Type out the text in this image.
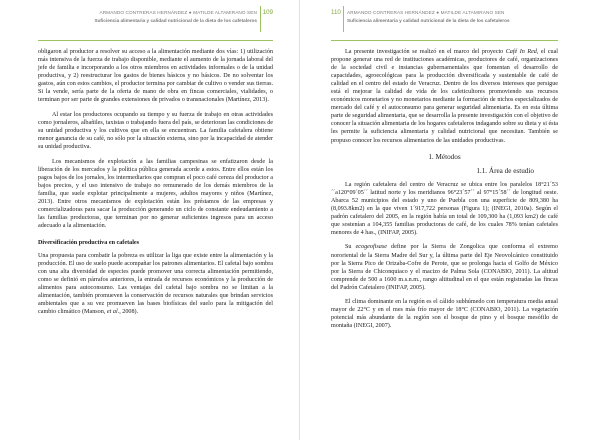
ARMANDO CONTRERAS HERNÁNDEZ ● MATILDE ALTAMIRANO SEN
Suficiencia alimentaria y calidad nutricional de la dieta de los cafetaleros
109

obligaron al productor a resolver su acceso a la alimentación mediante dos vías: 1) utilización más intensiva de la fuerza de trabajo disponible, mediante el aumento de la jornada laboral del jefe de familia e incorporando a los otros miembros en actividades informales o de la unidad productiva, y 2) reestructurar los gastos de bienes básicos y no básicos. De no solventar los gastos, aún con estos cambios, el productor termina por cambiar de cultivo o vender sus tierras. Si la vende, sería parte de la oferta de mano de obra en fincas comerciales, vialidades, o terminan por ser parte de grandes extensiones de privados o transnacionales (Martínez, 2013).

Al estar los productores ocupando su tiempo y su fuerza de trabajo en otras actividades como jornaleros, albañiles, taxistas o trabajando fuera del país, se deterioran las condiciones de su unidad productiva y los cultivos que en ella se encuentran. La familia cafetalera obtiene menor ganancia de su café, no sólo por la situación externa, sino por la incapacidad de atender su unidad productiva.

Los mecanismos de explotación a las familias campesinas se enfatizaron desde la liberación de los mercados y la política pública generada acorde a estos. Entre ellos están los pagos bajos de los jornales, los intermediarios que compran el poco café cereza del productor a bajos precios, y el uso intensivo de trabajo no remunerado de los demás miembros de la familia, que suele explotar principalmente a mujeres, adultos mayores y niños (Martínez, 2013). Entre otros mecanismos de explotación están los préstamos de las empresas y comercializadoras para sacar la producción generando un ciclo de constante endeudamiento a las familias productoras, que terminan por no generar suficientes ingresos para un acceso adecuado a la alimentación.

Diversificación productiva en cafetales

Una propuesta para combatir la pobreza es utilizar la liga que existe entre la alimentación y la producción. El uso de suelo puede acompañar los patrones alimentarios. El cafetal bajo sombra con una alta diversidad de especies puede promover una correcta alimentación permitiendo, como se definió en párrafos anteriores, la entrada de recursos económicos y la producción de alimentos para autoconsumo. Las ventajas del cafetal bajo sombra no se limitan a la alimentación, también promueven la conservación de recursos naturales que brindan servicios ambientales que a su vez promueven las bases biofísicas del suelo para la mitigación del cambio climático (Manson, et al., 2008).

110 ARMANDO CONTRERAS HERNÁNDEZ ● MATILDE ALTAMIRANO SEN
Suficiencia alimentaria y calidad nutricional de la dieta de los cafetaleros

La presente investigación se realizó en el marco del proyecto Café In Red, el cual propone generar una red de instituciones académicas, productores de café, organizaciones de la sociedad civil e instancias gubernamentales que fomentan el desarrollo de capacidades, agroecológicas para la producción diversificada y sustentable de café de calidad en el centro del estado de Veracruz. Dentro de los diversos intereses que persigue está el mejorar la calidad de vida de los cafeticultores promoviendo sus recursos económicos monetarios y no monetarios mediante la formación de nichos especializados de mercado del café y el autoconsumo para generar seguridad alimentaria. Es en esta última parte de seguridad alimentaria, que se desarrolla la presente investigación con el objetivo de conocer la situación alimentaria de los hogares cafetaleros indagando sobre su dieta y si ésta les permite la suficiencia alimentaria y calidad nutricional que necesitan. También se propuso conocer los recursos alimentarios de las unidades productivas.

1. Métodos

1.1. Área de estudio

La región cafetalera del centro de Veracruz se ubica entre los paralelos 18°21´53´´a120°09´05´´ latitud norte y los meridianos 96°23´57´´ al 97°15´58´´ de longitud oeste. Abarca 52 municipios del estado y uno de Puebla con una superficie de 809,380 ha (8,093.8km2) en la que viven 1´917,722 personas (Figura 1); (INEGI, 2010a). Según el padrón cafetalero del 2005, en la región había un total de 109,300 ha (1,093 km2) de café que sostenían a 104,355 familias productoras de café, de los cuales 78% tenían cafetales menores de 4 has., (INIFAP, 2005).

Su ecogeofisase define por la Sierra de Zongolica que conforma el extremo nororiental de la Sierra Madre del Sur y, la última parte del Eje Neovolcánico constituido por la Sierra Pico de Orizaba-Cofre de Perote, que se prolonga hacia el Golfo de México por la Sierra de Chiconquiaco y el macizo de Palma Sola (CONABIO, 2011). La altitud comprende de 500 a 1600 m.s.n.m., rango altitudinal en el que están registradas las fincas del Padrón Cafetalero (INIFAP, 2005).

El clima dominante en la región es el cálido subhúmedo con temperatura media anual mayor de 22°C y en el mes más frío mayor de 18°C (CONABIO, 2011). La vegetación potencial más abundante de la región son el bosque de pino y el bosque mesófilo de montaña (INEGI, 2007).
